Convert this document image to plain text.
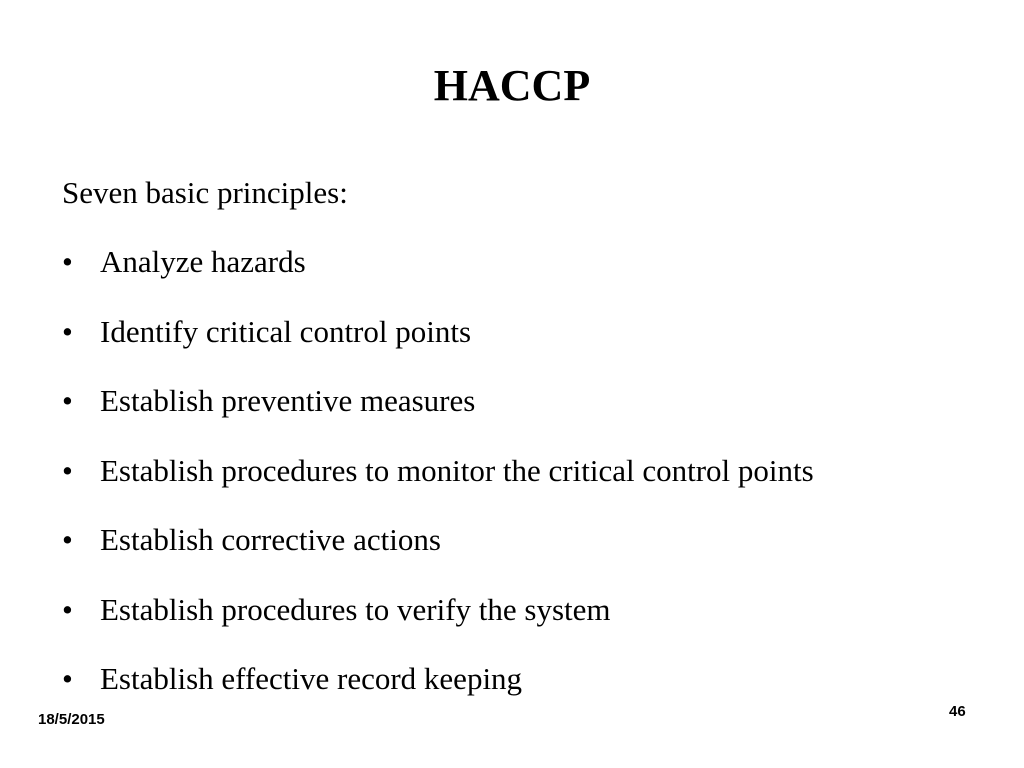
HACCP
Seven basic principles:
• Analyze hazards
• Identify critical control points
• Establish preventive measures
• Establish procedures to monitor the critical control points
• Establish corrective actions
• Establish procedures to verify the system
• Establish effective record keeping
18/5/2015	46
